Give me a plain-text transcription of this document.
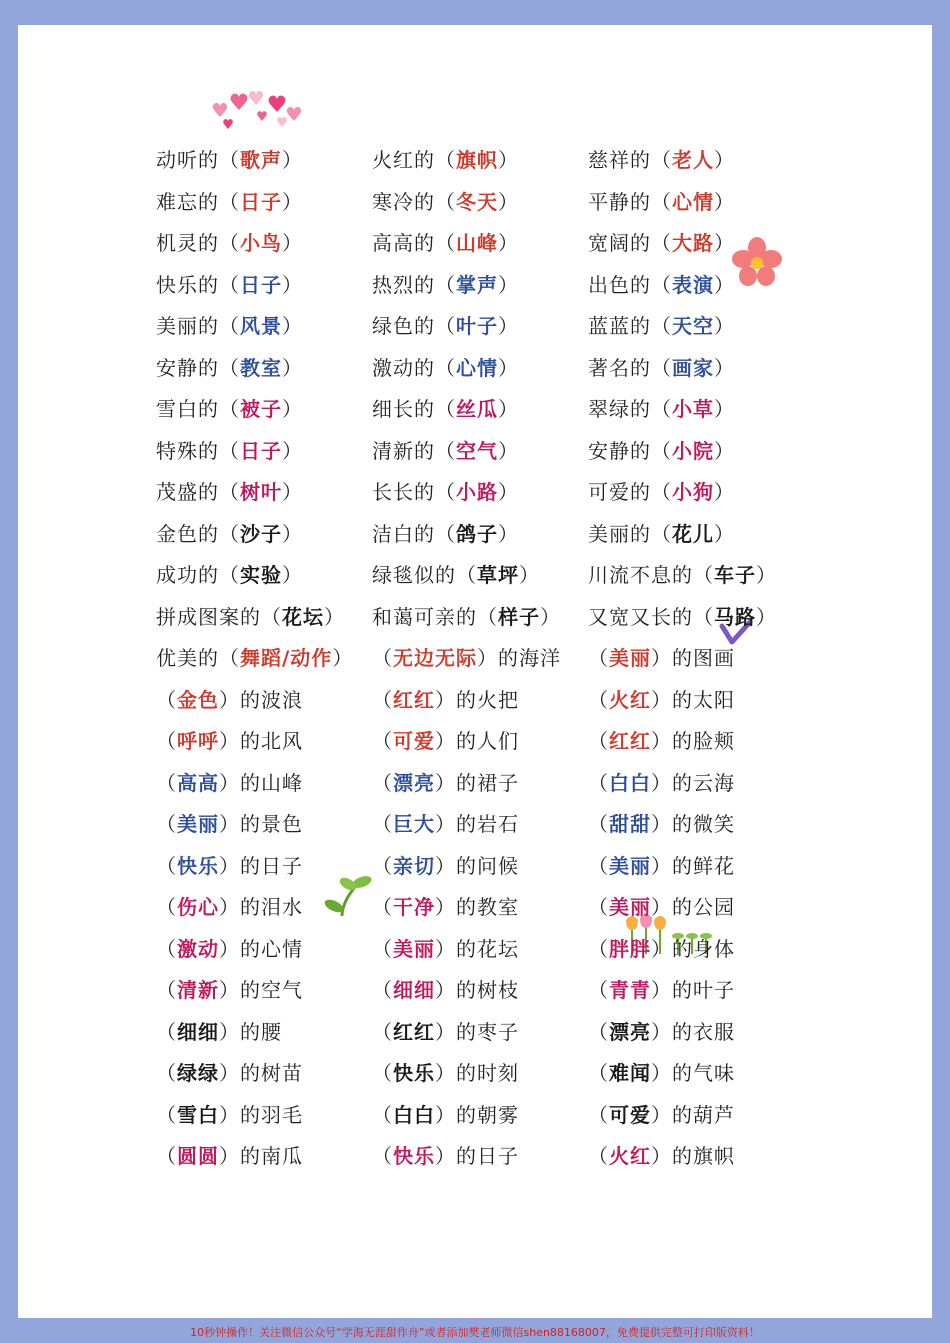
动听的（歌声）	火红的（旗帜）	慈祥的（老人）
难忘的（日子）	寒冷的（冬天）	平静的（心情）
机灵的（小鸟）	高高的（山峰）	宽阔的（大路）
快乐的（日子）	热烈的（掌声）	出色的（表演）
美丽的（风景）	绿色的（叶子）	蓝蓝的（天空）
安静的（教室）	激动的（心情）	著名的（画家）
雪白的（被子）	细长的（丝瓜）	翠绿的（小草）
特殊的（日子）	清新的（空气）	安静的（小院）
茂盛的（树叶）	长长的（小路）	可爱的（小狗）
金色的（沙子）	洁白的（鸽子）	美丽的（花儿）
成功的（实验）	绿毯似的（草坪）	川流不息的（车子）
拼成图案的（花坛）	和蔼可亲的（样子）	又宽又长的（马路）
优美的（舞蹈/动作） （无边无际）的海洋	（美丽）的图画
（金色）的波浪	（红红）的火把	（火红）的太阳
（呼呼）的北风	（可爱）的人们	（红红）的脸颊
（高高）的山峰	（漂亮）的裙子	（白白）的云海
（美丽）的景色	（巨大）的岩石	（甜甜）的微笑
（快乐）的日子	（亲切）的问候	（美丽）的鲜花
（伤心）的泪水	（干净）的教室	（美丽）的公园
（激动）的心情	（美丽）的花坛	（胖胖）的身体
（清新）的空气	（细细）的树枝	（青青）的叶子
（细细）的腰	（红红）的枣子	（漂亮）的衣服
（绿绿）的树苗	（快乐）的时刻	（难闻）的气味
（雪白）的羽毛	（白白）的朝雾	（可爱）的葫芦
（圆圆）的南瓜	（快乐）的日子	（火红）的旗帜
10秒钟操作！关注微信公众号“学海无涯甜作舟”或者添加樊老师微信shen88168007，免费提供完整可打印版资料！
